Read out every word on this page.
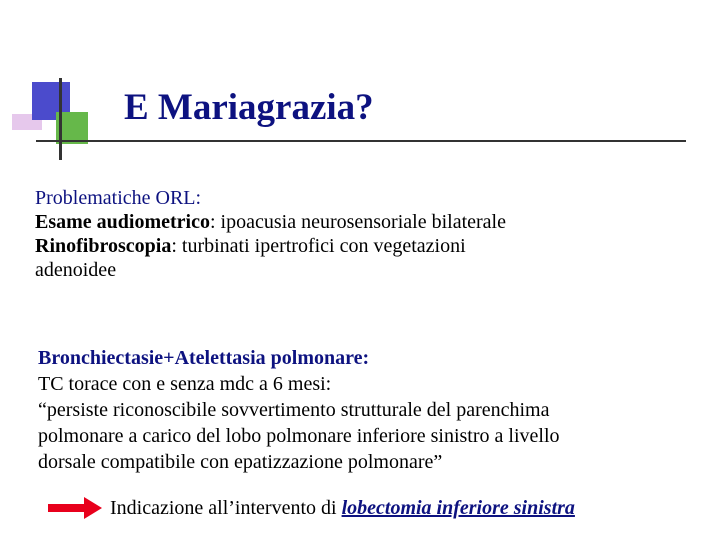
E Mariagrazia?
Problematiche ORL:
Esame audiometrico: ipoacusia neurosensoriale bilaterale
Rinofibroscopia: turbinati ipertrofici con vegetazioni
adenoidee
Bronchiectasie+Atelettasia polmonare:
TC torace con e senza mdc a 6 mesi:
“persiste riconoscibile sovvertimento strutturale del parenchima
polmonare a carico del lobo polmonare inferiore sinistro a livello
dorsale compatibile con epatizzazione polmonare”
Indicazione all’intervento di lobectomia inferiore sinistra
